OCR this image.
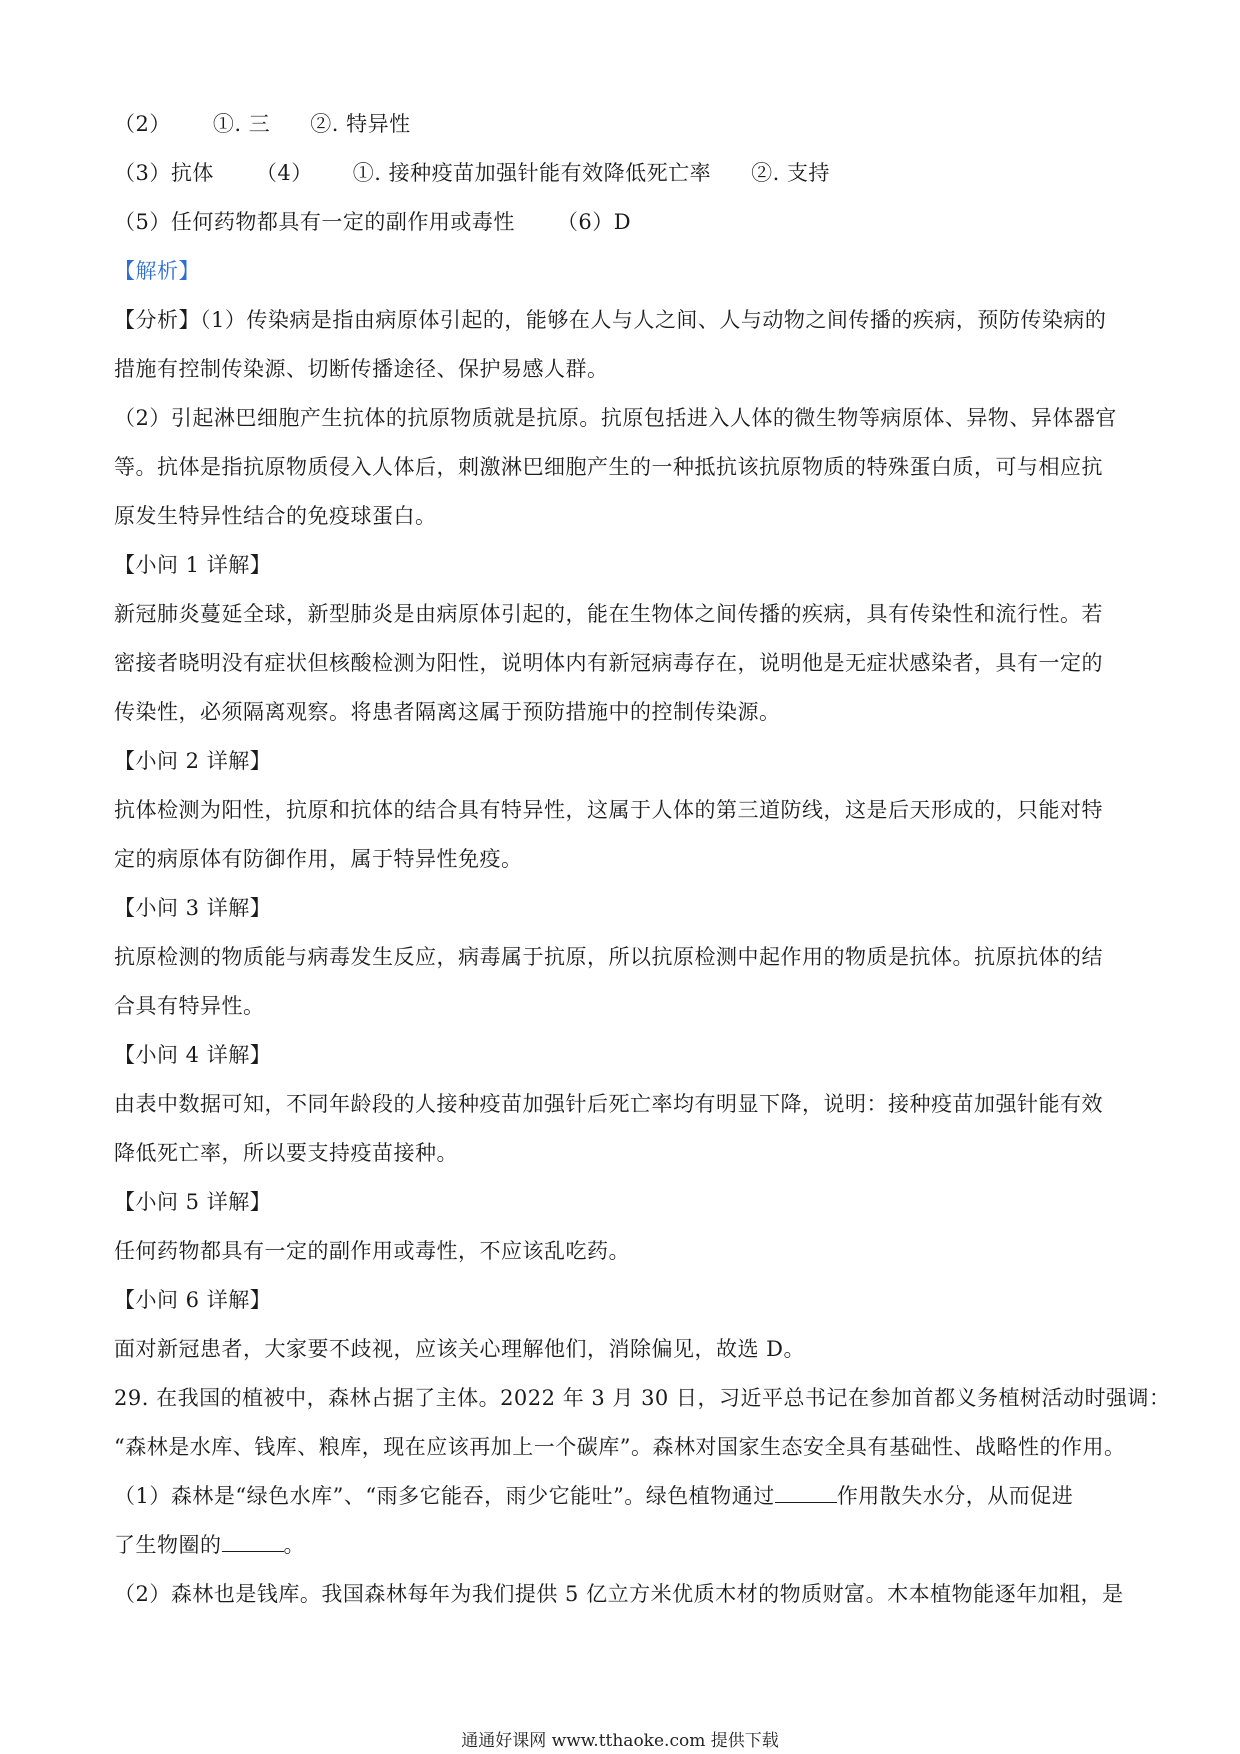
（2） ①. 三 ②. 特异性
（3）抗体 （4） ①. 接种疫苗加强针能有效降低死亡率 ②. 支持
（5）任何药物都具有一定的副作用或毒性 （6）D
【解析】
【分析】（1）传染病是指由病原体引起的，能够在人与人之间、人与动物之间传播的疾病，预防传染病的
措施有控制传染源、切断传播途径、保护易感人群。
（2）引起淋巴细胞产生抗体的抗原物质就是抗原。抗原包括进入人体的微生物等病原体、异物、异体器官
等。抗体是指抗原物质侵入人体后，刺激淋巴细胞产生的一种抵抗该抗原物质的特殊蛋白质，可与相应抗
原发生特异性结合的免疫球蛋白。
【小问 1 详解】
新冠肺炎蔓延全球，新型肺炎是由病原体引起的，能在生物体之间传播的疾病，具有传染性和流行性。若
密接者晓明没有症状但核酸检测为阳性，说明体内有新冠病毒存在，说明他是无症状感染者，具有一定的
传染性，必须隔离观察。将患者隔离这属于预防措施中的控制传染源。
【小问 2 详解】
抗体检测为阳性，抗原和抗体的结合具有特异性，这属于人体的第三道防线，这是后天形成的，只能对特
定的病原体有防御作用，属于特异性免疫。
【小问 3 详解】
抗原检测的物质能与病毒发生反应，病毒属于抗原，所以抗原检测中起作用的物质是抗体。抗原抗体的结
合具有特异性。
【小问 4 详解】
由表中数据可知，不同年龄段的人接种疫苗加强针后死亡率均有明显下降，说明：接种疫苗加强针能有效
降低死亡率，所以要支持疫苗接种。
【小问 5 详解】
任何药物都具有一定的副作用或毒性，不应该乱吃药。
【小问 6 详解】
面对新冠患者，大家要不歧视，应该关心理解他们，消除偏见，故选 D。
29. 在我国的植被中，森林占据了主体。2022 年 3 月 30 日，习近平总书记在参加首都义务植树活动时强调：
“森林是水库、钱库、粮库，现在应该再加上一个碳库”。森林对国家生态安全具有基础性、战略性的作用。
（1）森林是“绿色水库”、“雨多它能吞，雨少它能吐”。绿色植物通过	作用散失水分，从而促进
了生物圈的	。
（2）森林也是钱库。我国森林每年为我们提供 5 亿立方米优质木材的物质财富。木本植物能逐年加粗，是
通通好课网 www.tthaoke.com 提供下载
